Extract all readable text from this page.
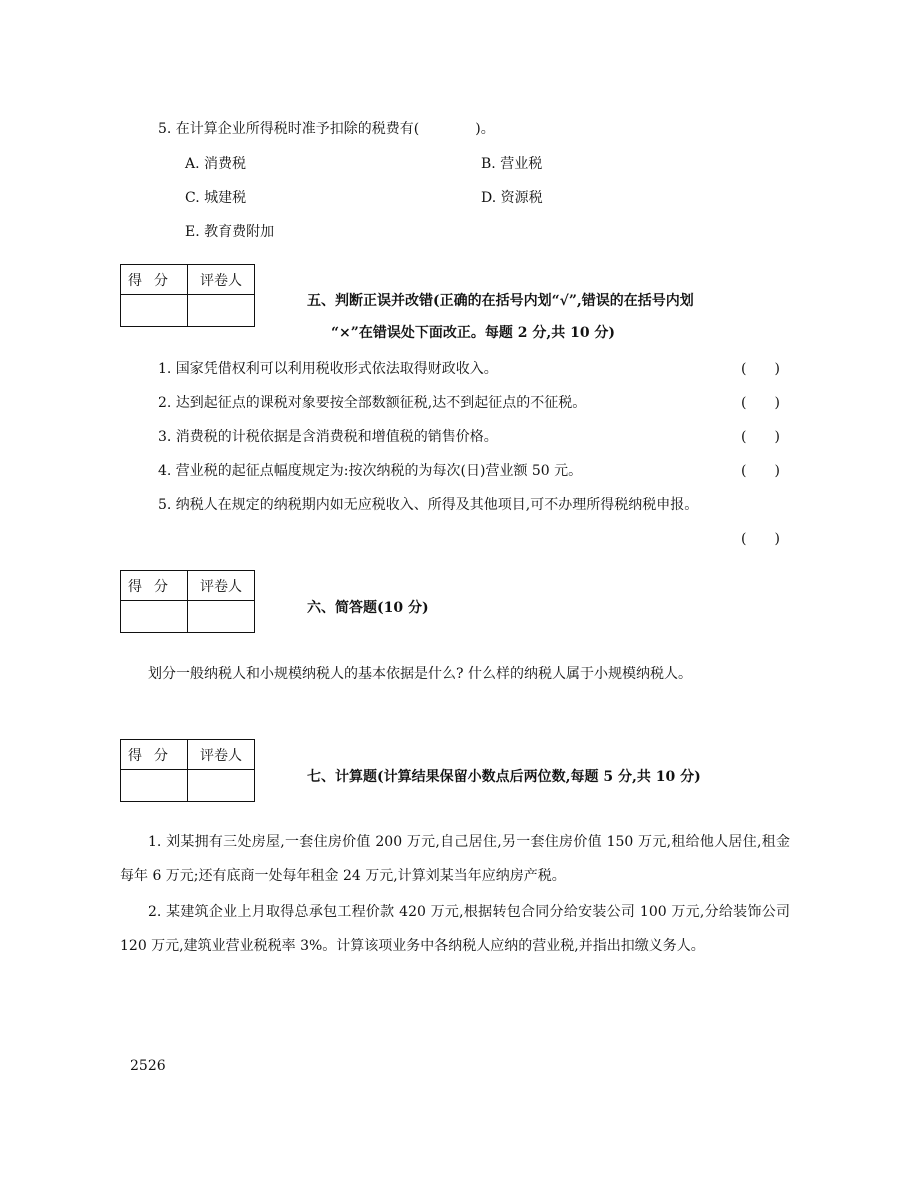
5. 在计算企业所得税时准予扣除的税费有(　　　　)。
A. 消费税	B. 营业税
C. 城建税	D. 资源税
E. 教育费附加
得分	评卷人

五、判断正误并改错(正确的在括号内划“√”,错误的在括号内划
“×”在错误处下面改正。每题 2 分,共 10 分)
1. 国家凭借权利可以利用税收形式依法取得财政收入。	(　　)
2. 达到起征点的课税对象要按全部数额征税,达不到起征点的不征税。	(　　)
3. 消费税的计税依据是含消费税和增值税的销售价格。	(　　)
4. 营业税的起征点幅度规定为:按次纳税的为每次(日)营业额 50 元。	(　　)
5. 纳税人在规定的纳税期内如无应税收入、所得及其他项目,可不办理所得税纳税申报。
(　　)
得分	评卷人

六、简答题(10 分)
划分一般纳税人和小规模纳税人的基本依据是什么? 什么样的纳税人属于小规模纳税人。
得分	评卷人

七、计算题(计算结果保留小数点后两位数,每题 5 分,共 10 分)
1. 刘某拥有三处房屋,一套住房价值 200 万元,自己居住,另一套住房价值 150 万元,租给他人居住,租金每年 6 万元;还有底商一处每年租金 24 万元,计算刘某当年应纳房产税。
2. 某建筑企业上月取得总承包工程价款 420 万元,根据转包合同分给安装公司 100 万元,分给装饰公司 120 万元,建筑业营业税税率 3%。计算该项业务中各纳税人应纳的营业税,并指出扣缴义务人。
2526
